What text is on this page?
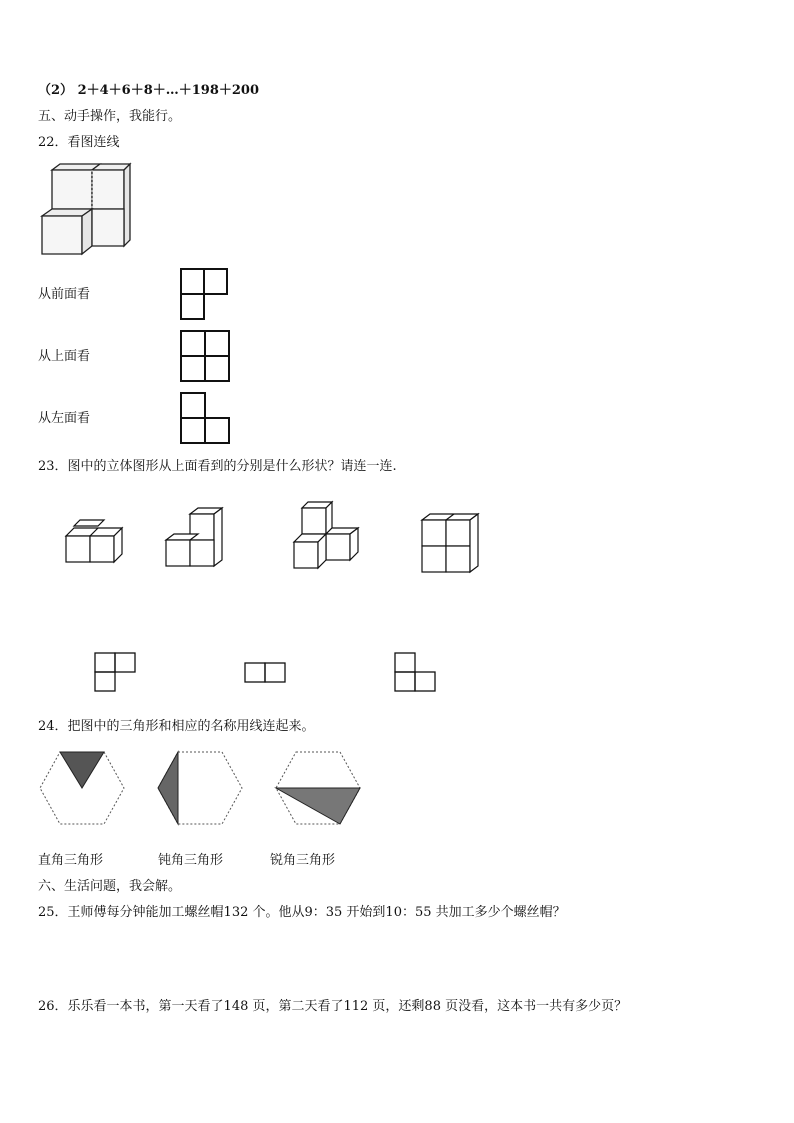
（2） 2＋4＋6＋8＋…＋198＋200
五、动手操作，我能行。
22．看图连线
从前面看
从上面看
从左面看
23．图中的立体图形从上面看到的分别是什么形状？请连一连.
24．把图中的三角形和相应的名称用线连起来。
直角三角形	钝角三角形	锐角三角形
六、生活问题，我会解。
25．王师傅每分钟能加工螺丝帽132 个。他从9：35 开始到10：55 共加工多少个螺丝帽？
26．乐乐看一本书，第一天看了148 页，第二天看了112 页，还剩88 页没看，这本书一共有多少页？
